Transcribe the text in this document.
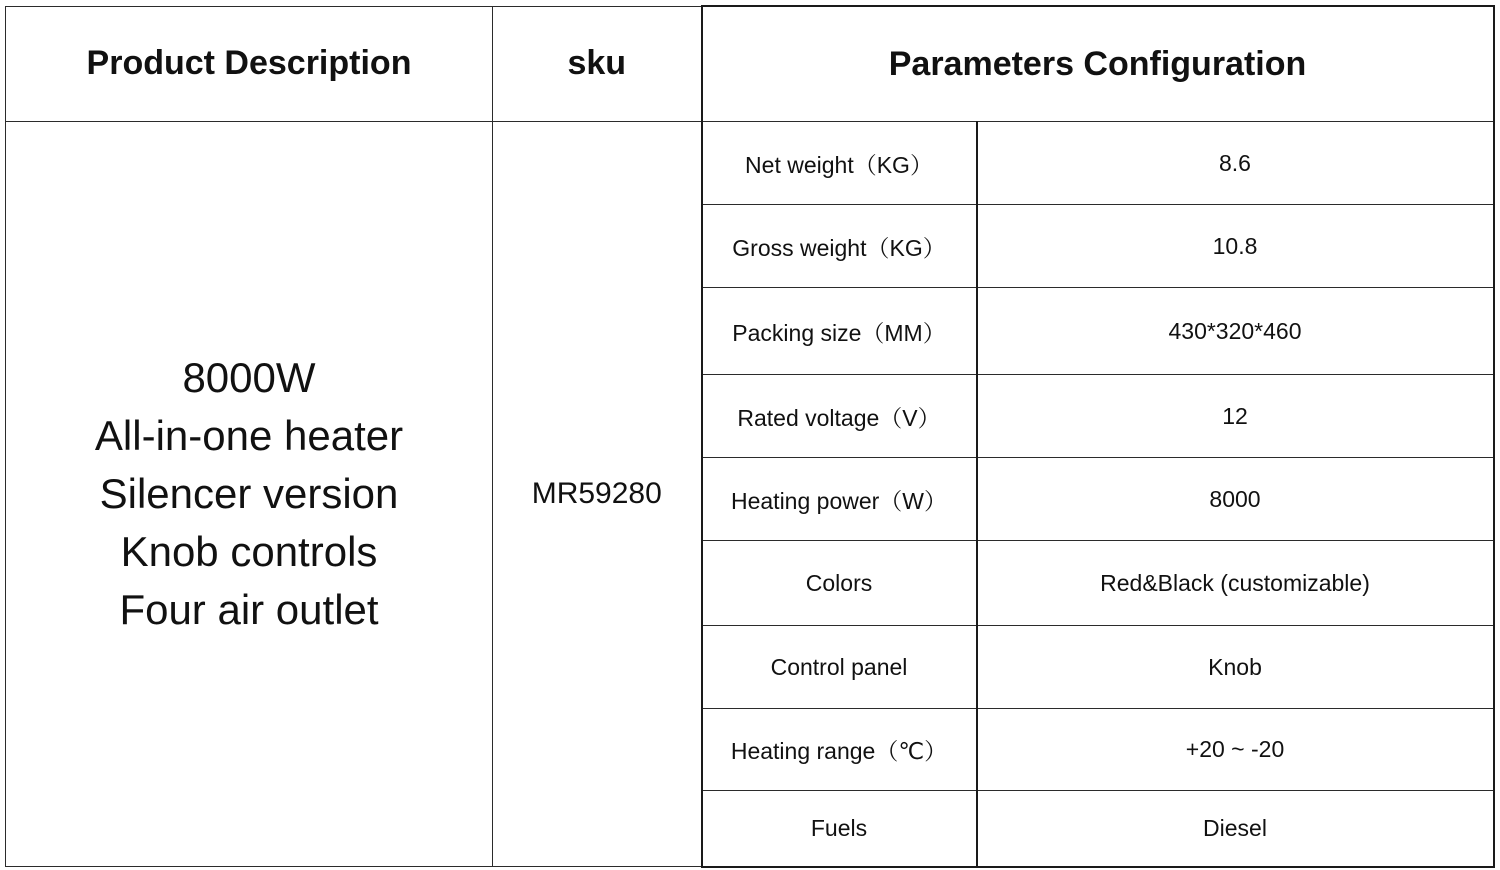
Product Description	sku	Parameters Configuration	

8000W
All-in-one heater
Silencer version
Knob controls
Four air outlet	MR59280	Net weight（KG）	8.6
		Gross weight（KG）	10.8
		Packing size（MM）	430*320*460
		Rated voltage（V）	12
		Heating power（W）	8000
		Colors	Red&Black (customizable)
		Control panel	Knob
		Heating range（℃）	+20 ~ -20
		Fuels	Diesel
